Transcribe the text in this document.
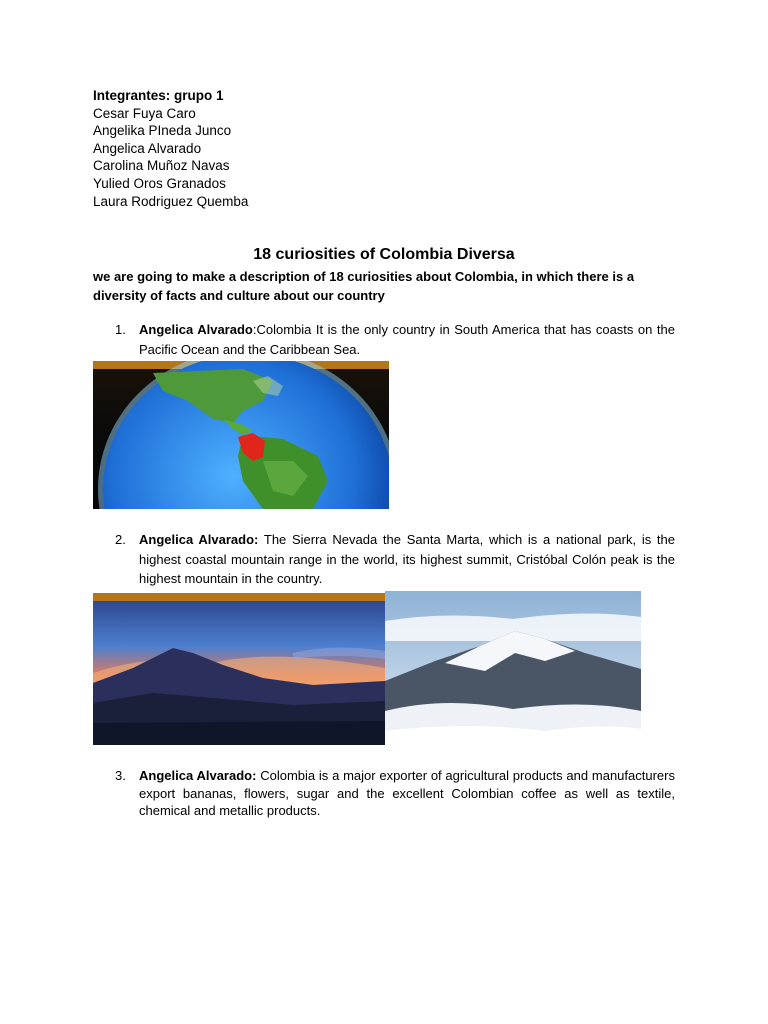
Integrantes: grupo 1
Cesar Fuya Caro
Angelika PIneda Junco
Angelica Alvarado
Carolina Muñoz Navas
Yulied Oros Granados
Laura Rodriguez Quemba
18 curiosities of Colombia Diversa
we are going to make a description of 18 curiosities about Colombia, in which there is a diversity of facts and culture about our country
1.	Angelica Alvarado:Colombia It is the only country in South America that has coasts on the Pacific Ocean and the Caribbean Sea.
2.	Angelica Alvarado: The Sierra Nevada the Santa Marta, which is a national park, is the highest coastal mountain range in the world, its highest summit, Cristóbal Colón peak is the highest mountain in the country.
3.	Angelica Alvarado: Colombia is a major exporter of agricultural products and manufacturers export bananas, flowers, sugar and the excellent Colombian coffee as well as textile, chemical and metallic products.
